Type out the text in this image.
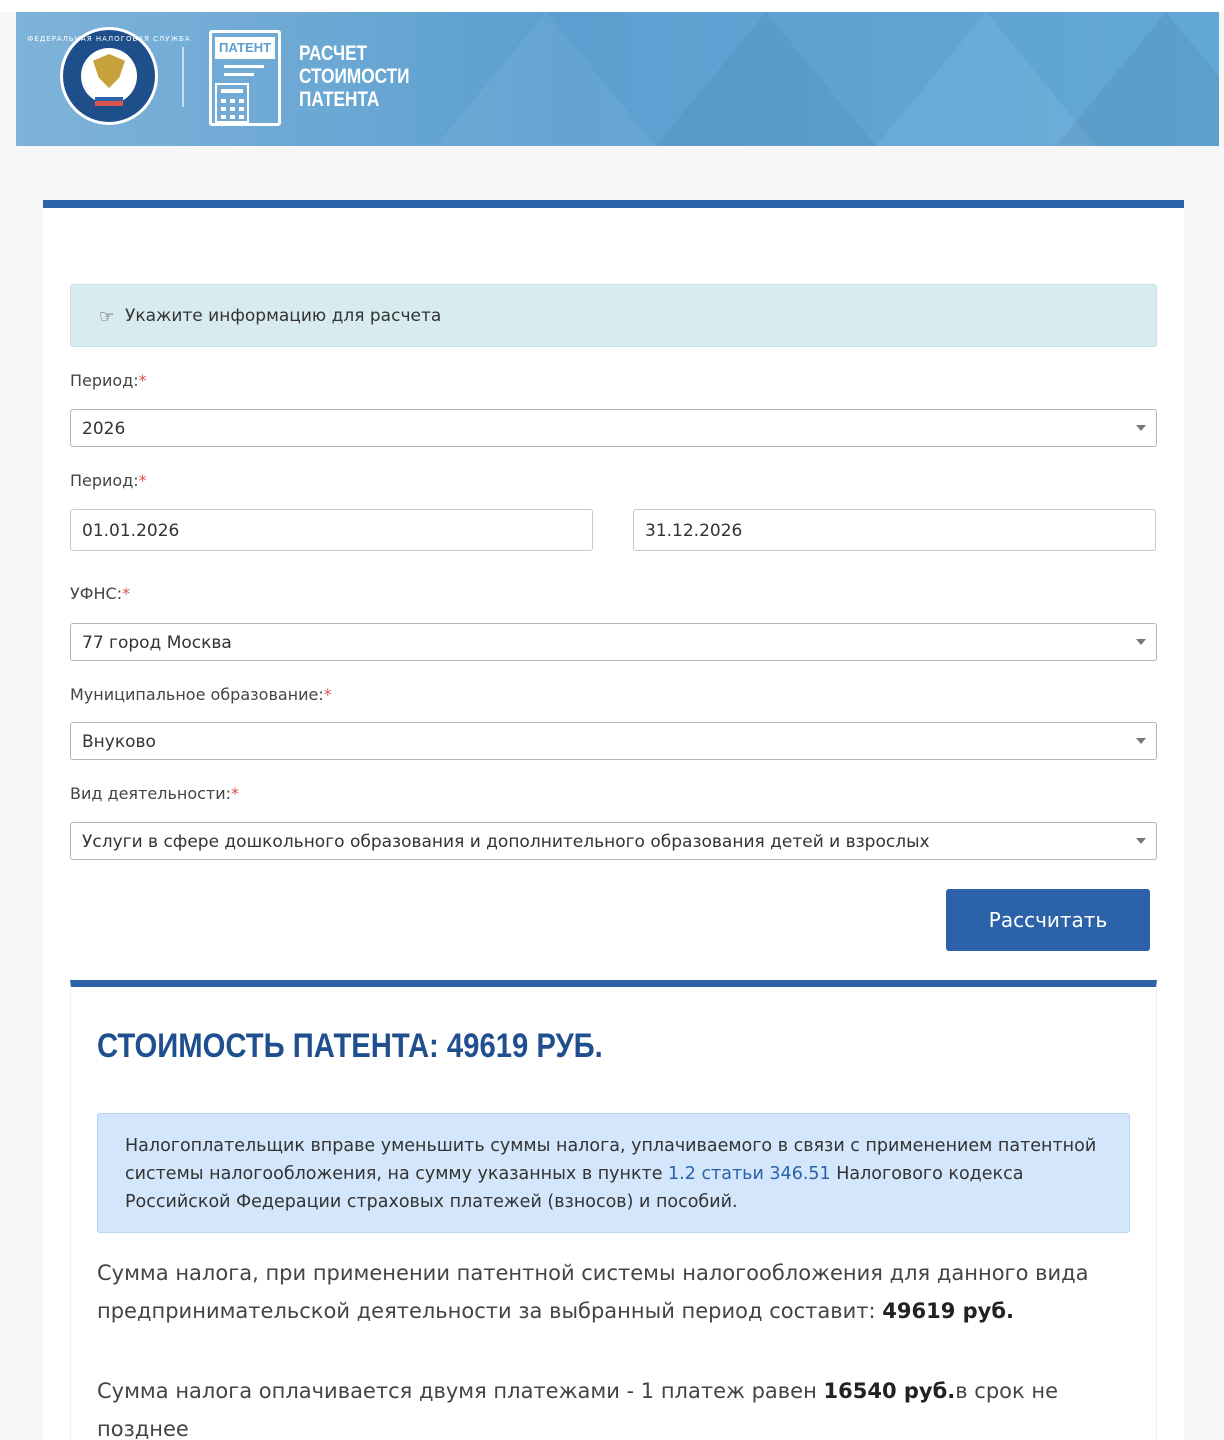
ФЕДЕРАЛЬНАЯ НАЛОГОВАЯ СЛУЖБА
ПАТЕНТ РАСЧЕТ
СТОИМОСТИ
ПАТЕНТА
☞ Укажите информацию для расчета
Период:*
2026
Период:*
01.01.2026	31.12.2026
УФНС:*
77 город Москва
Муниципальное образование:*
Внуково
Вид деятельности:*
Услуги в сфере дошкольного образования и дополнительного образования детей и взрослых
Рассчитать
СТОИМОСТЬ ПАТЕНТА: 49619 РУБ.
Налогоплательщик вправе уменьшить суммы налога, уплачиваемого в связи с применением патентной системы налогообложения, на сумму указанных в пункте 1.2 статьи 346.51 Налогового кодекса Российской Федерации страховых платежей (взносов) и пособий.
Сумма налога, при применении патентной системы налогообложения для данного вида предпринимательской деятельности за выбранный период составит: 49619 руб.
Сумма налога оплачивается двумя платежами - 1 платеж равен 16540 руб.в срок не позднее
